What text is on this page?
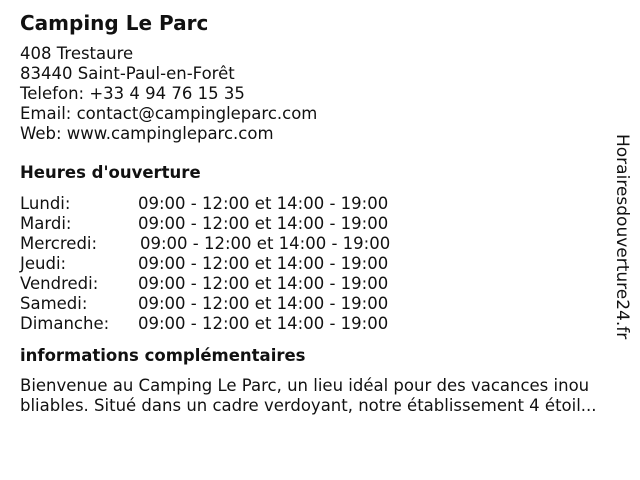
Camping Le Parc

408 Trestaure

83440 Saint-Paul-en-Forêt

Telefon: +33 4 94 76 15 35

Email: contact@campingleparc.com

Web: www.campingleparc.com

Heures d'ouverture
Lundi:	09:00 - 12:00 et 14:00 - 19:00
Mardi:	09:00 - 12:00 et 14:00 - 19:00
Mercredi:	09:00 - 12:00 et 14:00 - 19:00
Jeudi:	09:00 - 12:00 et 14:00 - 19:00
Vendredi:	09:00 - 12:00 et 14:00 - 19:00
Samedi:	09:00 - 12:00 et 14:00 - 19:00
Dimanche:	09:00 - 12:00 et 14:00 - 19:00
informations complémentaires
Bienvenue au Camping Le Parc, un lieu idéal pour des vacances inou
bliables. Situé dans un cadre verdoyant, notre établissement 4 étoil...
Horairesdouverture24.fr
